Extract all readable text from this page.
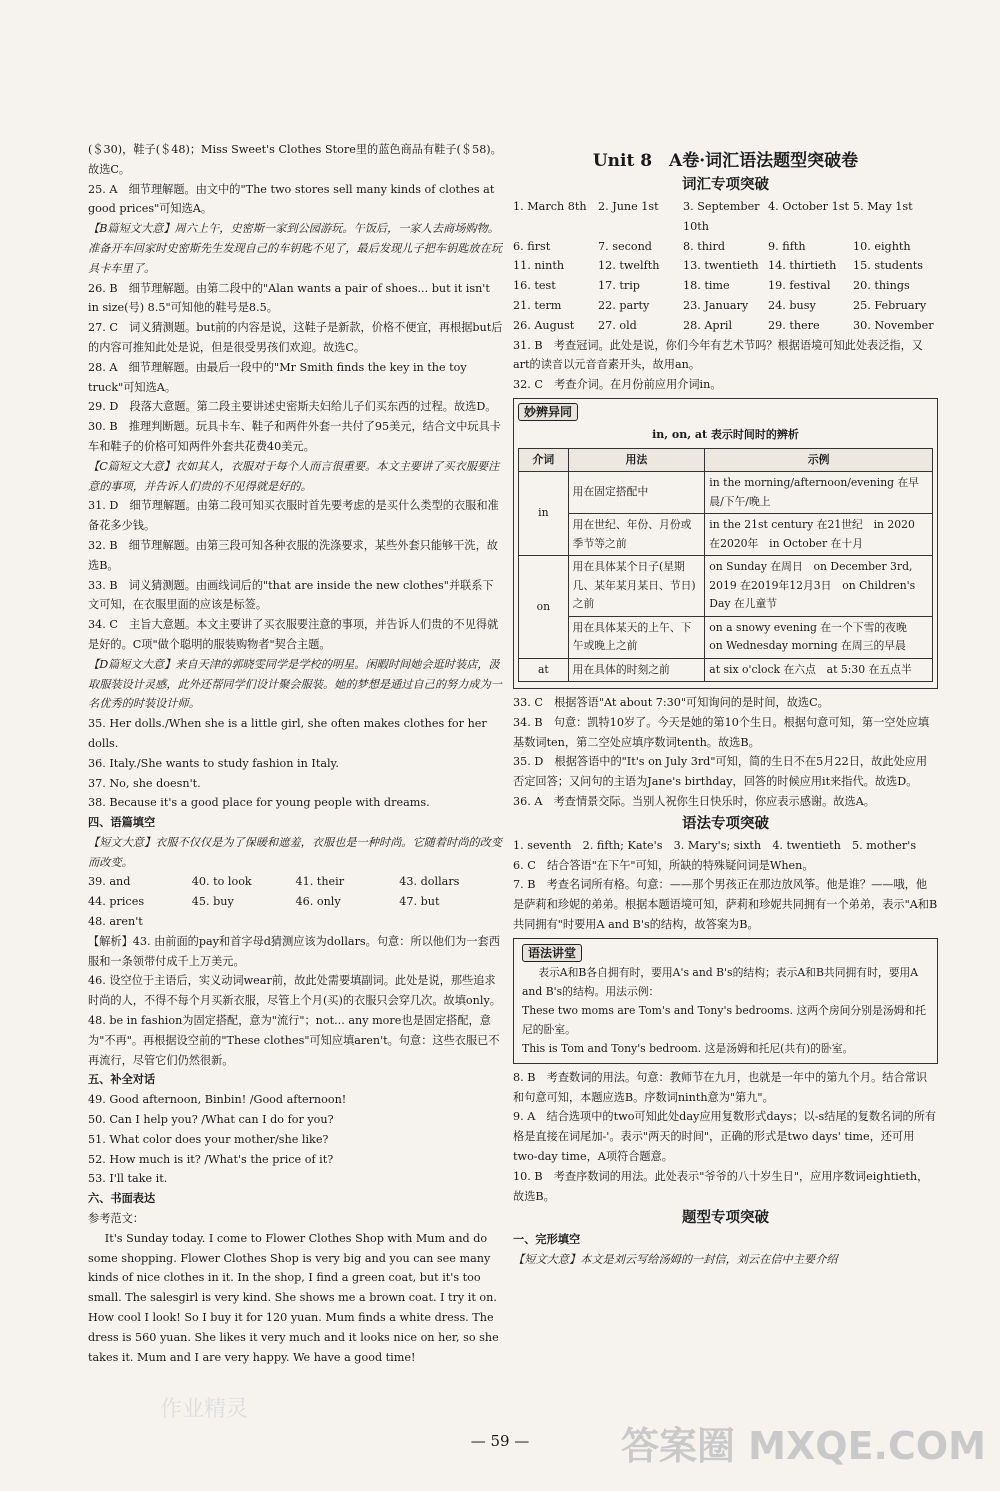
(＄30)，鞋子(＄48)；Miss Sweet's Clothes Store里的蓝色商品有鞋子(＄58)。故选C。

25. A　细节理解题。由文中的"The two stores sell many kinds of clothes at good prices"可知选A。

【B篇短文大意】周六上午，史密斯一家到公园游玩。午饭后，一家人去商场购物。准备开车回家时史密斯先生发现自己的车钥匙不见了，最后发现儿子把车钥匙放在玩具卡车里了。

26. B　细节理解题。由第二段中的"Alan wants a pair of shoes... but it isn't in size(号) 8.5"可知他的鞋号是8.5。

27. C　词义猜测题。but前的内容是说，这鞋子是新款，价格不便宜，再根据but后的内容可推知此处是说，但是很受男孩们欢迎。故选C。

28. A　细节理解题。由最后一段中的"Mr Smith finds the key in the toy truck"可知选A。

29. D　段落大意题。第二段主要讲述史密斯夫妇给儿子们买东西的过程。故选D。

30. B　推理判断题。玩具卡车、鞋子和两件外套一共付了95美元，结合文中玩具卡车和鞋子的价格可知两件外套共花费40美元。

【C篇短文大意】衣如其人，衣服对于每个人而言很重要。本文主要讲了买衣服要注意的事项，并告诉人们贵的不见得就是好的。

31. D　细节理解题。由第二段可知买衣服时首先要考虑的是买什么类型的衣服和准备花多少钱。

32. B　细节理解题。由第三段可知各种衣服的洗涤要求，某些外套只能够干洗，故选B。

33. B　词义猜测题。由画线词后的"that are inside the new clothes"并联系下文可知，在衣服里面的应该是标签。

34. C　主旨大意题。本文主要讲了买衣服要注意的事项，并告诉人们贵的不见得就是好的。C项"做个聪明的服装购物者"契合主题。

【D篇短文大意】来自天津的郭晓雯同学是学校的明星。闲暇时间她会逛时装店，汲取服装设计灵感，此外还帮同学们设计聚会服装。她的梦想是通过自己的努力成为一名优秀的时装设计师。

35. Her dolls./When she is a little girl, she often makes clothes for her dolls.

36. Italy./She wants to study fashion in Italy.

37. No, she doesn't.

38. Because it's a good place for young people with dreams.

四、语篇填空

【短文大意】衣服不仅仅是为了保暖和遮羞，衣服也是一种时尚。它随着时尚的改变而改变。

39. and	40. to look	41. their	43. dollars
44. prices	45. buy	46. only	47. but
48. aren't

【解析】43. 由前面的pay和首字母d猜测应该为dollars。句意：所以他们为一套西服和一条领带付成千上万美元。

46. 设空位于主语后，实义动词wear前，故此处需要填副词。此处是说，那些追求时尚的人，不得不每个月买新衣服，尽管上个月(买)的衣服只会穿几次。故填only。

48. be in fashion为固定搭配，意为"流行"；not... any more也是固定搭配，意为"不再"。再根据设空前的"These clothes"可知应填aren't。句意：这些衣服已不再流行，尽管它们仍然很新。

五、补全对话

49. Good afternoon, Binbin! /Good afternoon!

50. Can I help you? /What can I do for you?

51. What color does your mother/she like?

52. How much is it? /What's the price of it?

53. I'll take it.

六、书面表达

参考范文：

It's Sunday today. I come to Flower Clothes Shop with Mum and do some shopping. Flower Clothes Shop is very big and you can see many kinds of nice clothes in it. In the shop, I find a green coat, but it's too small. The salesgirl is very kind. She shows me a brown coat. I try it on. How cool I look! So I buy it for 120 yuan. Mum finds a white dress. The dress is 560 yuan. She likes it very much and it looks nice on her, so she takes it. Mum and I are very happy. We have a good time!

Unit 8　A卷·词汇语法题型突破卷
词汇专项突破
1. March 8th	2. June 1st	3. September 10th
4. October 1st 5. May 1st
6. first	7. second	8. third	9. fifth	10. eighth
11. ninth	12. twelfth	13. twentieth 14. thirtieth	15. students
16. test	17. trip	18. time	19. festival	20. things
21. term	22. party	23. January	24. busy	25. February
26. August	27. old	28. April	29. there	30. November

31. B　考查冠词。此处是说，你们今年有艺术节吗？根据语境可知此处表泛指，又art的读音以元音音素开头，故用an。

32. C　考查介词。在月份前应用介词in。

妙辨异同
in, on, at 表示时间时的辨析
介词	用法	示例
in	用在固定搭配中	in the morning/afternoon/evening 在早晨/下午/晚上
	用在世纪、年份、月份或季节等之前	in the 21st century 在21世纪　in 2020 在2020年　in October 在十月
on	用在具体某个日子(星期几、某年某月某日、节日)之前	on Sunday 在周日　on December 3rd, 2019 在2019年12月3日　on Children's Day 在儿童节
	用在具体某天的上午、下午或晚上之前	on a snowy evening 在一个下雪的夜晚　on Wednesday morning 在周三的早晨
at	用在具体的时刻之前	at six o'clock 在六点　at 5:30 在五点半

33. C　根据答语"At about 7:30"可知询问的是时间，故选C。

34. B　句意：凯特10岁了。今天是她的第10个生日。根据句意可知，第一空处应填基数词ten，第二空处应填序数词tenth。故选B。

35. D　根据答语中的"It's on July 3rd"可知，简的生日不在5月22日，故此处应用否定回答；又问句的主语为Jane's birthday，回答的时候应用it来指代。故选D。

36. A　考查情景交际。当别人祝你生日快乐时，你应表示感谢。故选A。

语法专项突破

1. seventh　2. fifth; Kate's　3. Mary's; sixth　4. twentieth　5. mother's

6. C　结合答语"在下午"可知，所缺的特殊疑问词是When。

7. B　考查名词所有格。句意：——那个男孩正在那边放风筝。他是谁？——哦，他是萨莉和珍妮的弟弟。根据本题语境可知，萨莉和珍妮共同拥有一个弟弟，表示"A和B共同拥有"时要用A and B's的结构，故答案为B。

语法讲堂

表示A和B各自拥有时，要用A's and B's的结构；表示A和B共同拥有时，要用A and B's的结构。用法示例：

These two moms are Tom's and Tony's bedrooms. 这两个房间分别是汤姆和托尼的卧室。

This is Tom and Tony's bedroom. 这是汤姆和托尼(共有)的卧室。

8. B　考查数词的用法。句意：教师节在九月，也就是一年中的第九个月。结合常识和句意可知，本题应选B。序数词ninth意为"第九"。

9. A　结合选项中的two可知此处day应用复数形式days；以-s结尾的复数名词的所有格是直接在词尾加-'。表示"两天的时间"，正确的形式是two days' time，还可用two-day time，A项符合题意。

10. B　考查序数词的用法。此处表示"爷爷的八十岁生日"，应用序数词eightieth，故选B。

题型专项突破

一、完形填空

【短文大意】本文是刘云写给汤姆的一封信，刘云在信中主要介绍

— 59 —
作业精灵
答案圈 MXQE.COM
